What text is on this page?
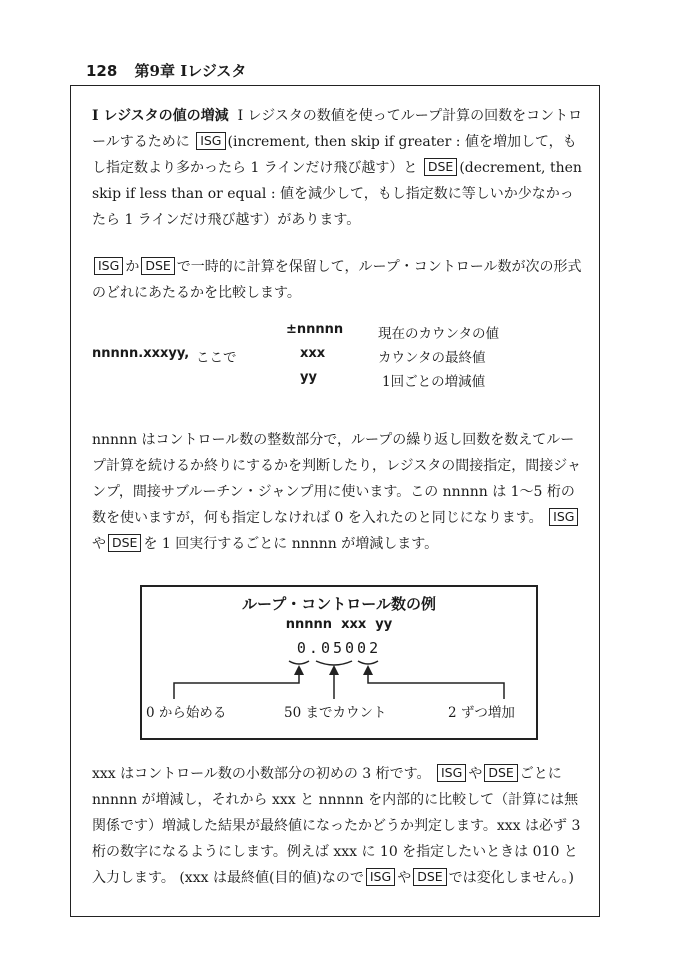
128 第9章 Iレジスタ
I レジスタの値の増減 I レジスタの数値を使ってループ計算の回数をコントロールするために ISG (increment, then skip if greater : 値を増加して，もし指定数より多かったら 1 ラインだけ飛び越す）と DSE (decrement, then skip if less than or equal : 値を減少して，もし指定数に等しいか少なかったら 1 ラインだけ飛び越す）があります。
ISG か DSE で一時的に計算を保留して，ループ・コントロール数が次の形式のどれにあたるかを比較します。
nnnnn.xxxyy, ここで
±nnnnn	現在のカウンタの値
xxx	カウンタの最終値
yy	1回ごとの増減値
nnnnn はコントロール数の整数部分で，ループの繰り返し回数を数えてループ計算を続けるか終りにするかを判断したり，レジスタの間接指定，間接ジャンプ，間接サブルーチン・ジャンプ用に使います。この nnnnn は 1〜5 桁の数を使いますが，何も指定しなければ 0 を入れたのと同じになります。 ISGや DSE を 1 回実行するごとに nnnnn が増減します。
ループ・コントロール数の例
nnnnn  xxx  yy
0.05002
0 から始める	50 までカウント	2 ずつ増加
xxx はコントロール数の小数部分の初めの 3 桁です。 ISG や DSE ごとに nnnnn が増減し，それから xxx と nnnnn を内部的に比較して（計算には無関係です）増減した結果が最終値になったかどうか判定します。xxx は必ず 3 桁の数字になるようにします。例えば xxx に 10 を指定したいときは 010 と入力します。 (xxx は最終値(目的値)なので ISG や DSE では変化しません。)
